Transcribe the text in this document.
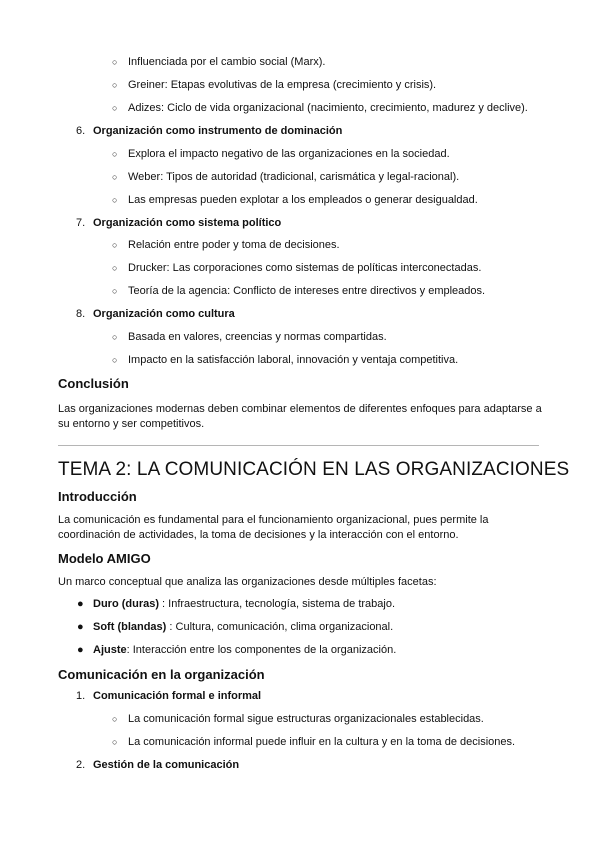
○ Influenciada por el cambio social (Marx).
○ Greiner: Etapas evolutivas de la empresa (crecimiento y crisis).
○ Adizes: Ciclo de vida organizacional (nacimiento, crecimiento, madurez y declive).
6. Organización como instrumento de dominación
○ Explora el impacto negativo de las organizaciones en la sociedad.
○ Weber: Tipos de autoridad (tradicional, carismática y legal-racional).
○ Las empresas pueden explotar a los empleados o generar desigualdad.
7. Organización como sistema político
○ Relación entre poder y toma de decisiones.
○ Drucker: Las corporaciones como sistemas de políticas interconectadas.
○ Teoría de la agencia: Conflicto de intereses entre directivos y empleados.
8. Organización como cultura
○ Basada en valores, creencias y normas compartidas.
○ Impacto en la satisfacción laboral, innovación y ventaja competitiva.
Conclusión
Las organizaciones modernas deben combinar elementos de diferentes enfoques para adaptarse a su entorno y ser competitivos.
TEMA 2: LA COMUNICACIÓN EN LAS ORGANIZACIONES
Introducción
La comunicación es fundamental para el funcionamiento organizacional, pues permite la coordinación de actividades, la toma de decisiones y la interacción con el entorno.
Modelo AMIGO
Un marco conceptual que analiza las organizaciones desde múltiples facetas:
● Duro (duras) : Infraestructura, tecnología, sistema de trabajo.
● Soft (blandas) : Cultura, comunicación, clima organizacional.
● Ajuste: Interacción entre los componentes de la organización.
Comunicación en la organización
1. Comunicación formal e informal
○ La comunicación formal sigue estructuras organizacionales establecidas.
○ La comunicación informal puede influir en la cultura y en la toma de decisiones.
2. Gestión de la comunicación
